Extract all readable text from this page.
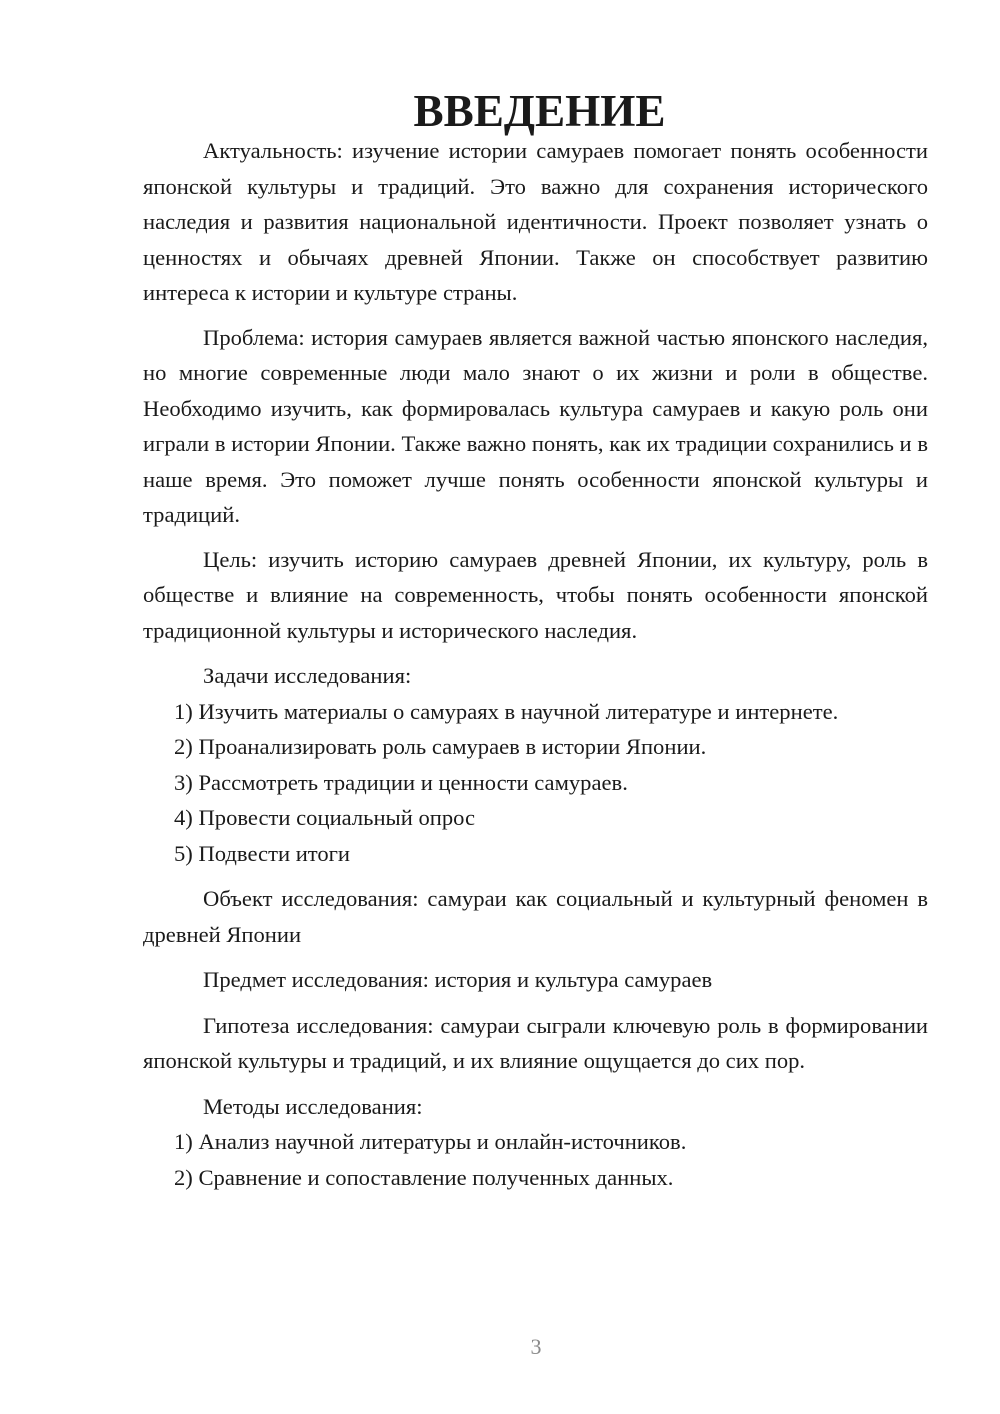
ВВЕДЕНИЕ

Актуальность: изучение истории самураев помогает понять особенности японской культуры и традиций. Это важно для сохранения исторического наследия и развития национальной идентичности. Проект позволяет узнать о ценностях и обычаях древней Японии. Также он способствует развитию интереса к истории и культуре страны.

Проблема: история самураев является важной частью японского наследия, но многие современные люди мало знают о их жизни и роли в обществе. Необходимо изучить, как формировалась культура самураев и какую роль они играли в истории Японии. Также важно понять, как их традиции сохранились и в наше время. Это поможет лучше понять особенности японской культуры и традиций.

Цель: изучить историю самураев древней Японии, их культуру, роль в обществе и влияние на современность, чтобы понять особенности японской традиционной культуры и исторического наследия.

Задачи исследования:

1) Изучить материалы о самураях в научной литературе и интернете.

2) Проанализировать роль самураев в истории Японии.

3) Рассмотреть традиции и ценности самураев.

4) Провести социальный опрос

5) Подвести итоги

Объект исследования: самураи как социальный и культурный феномен в древней Японии

Предмет исследования: история и культура самураев

Гипотеза исследования: самураи сыграли ключевую роль в формировании японской культуры и традиций, и их влияние ощущается до сих пор.

Методы исследования:

1) Анализ научной литературы и онлайн-источников.

2) Сравнение и сопоставление полученных данных.

3
